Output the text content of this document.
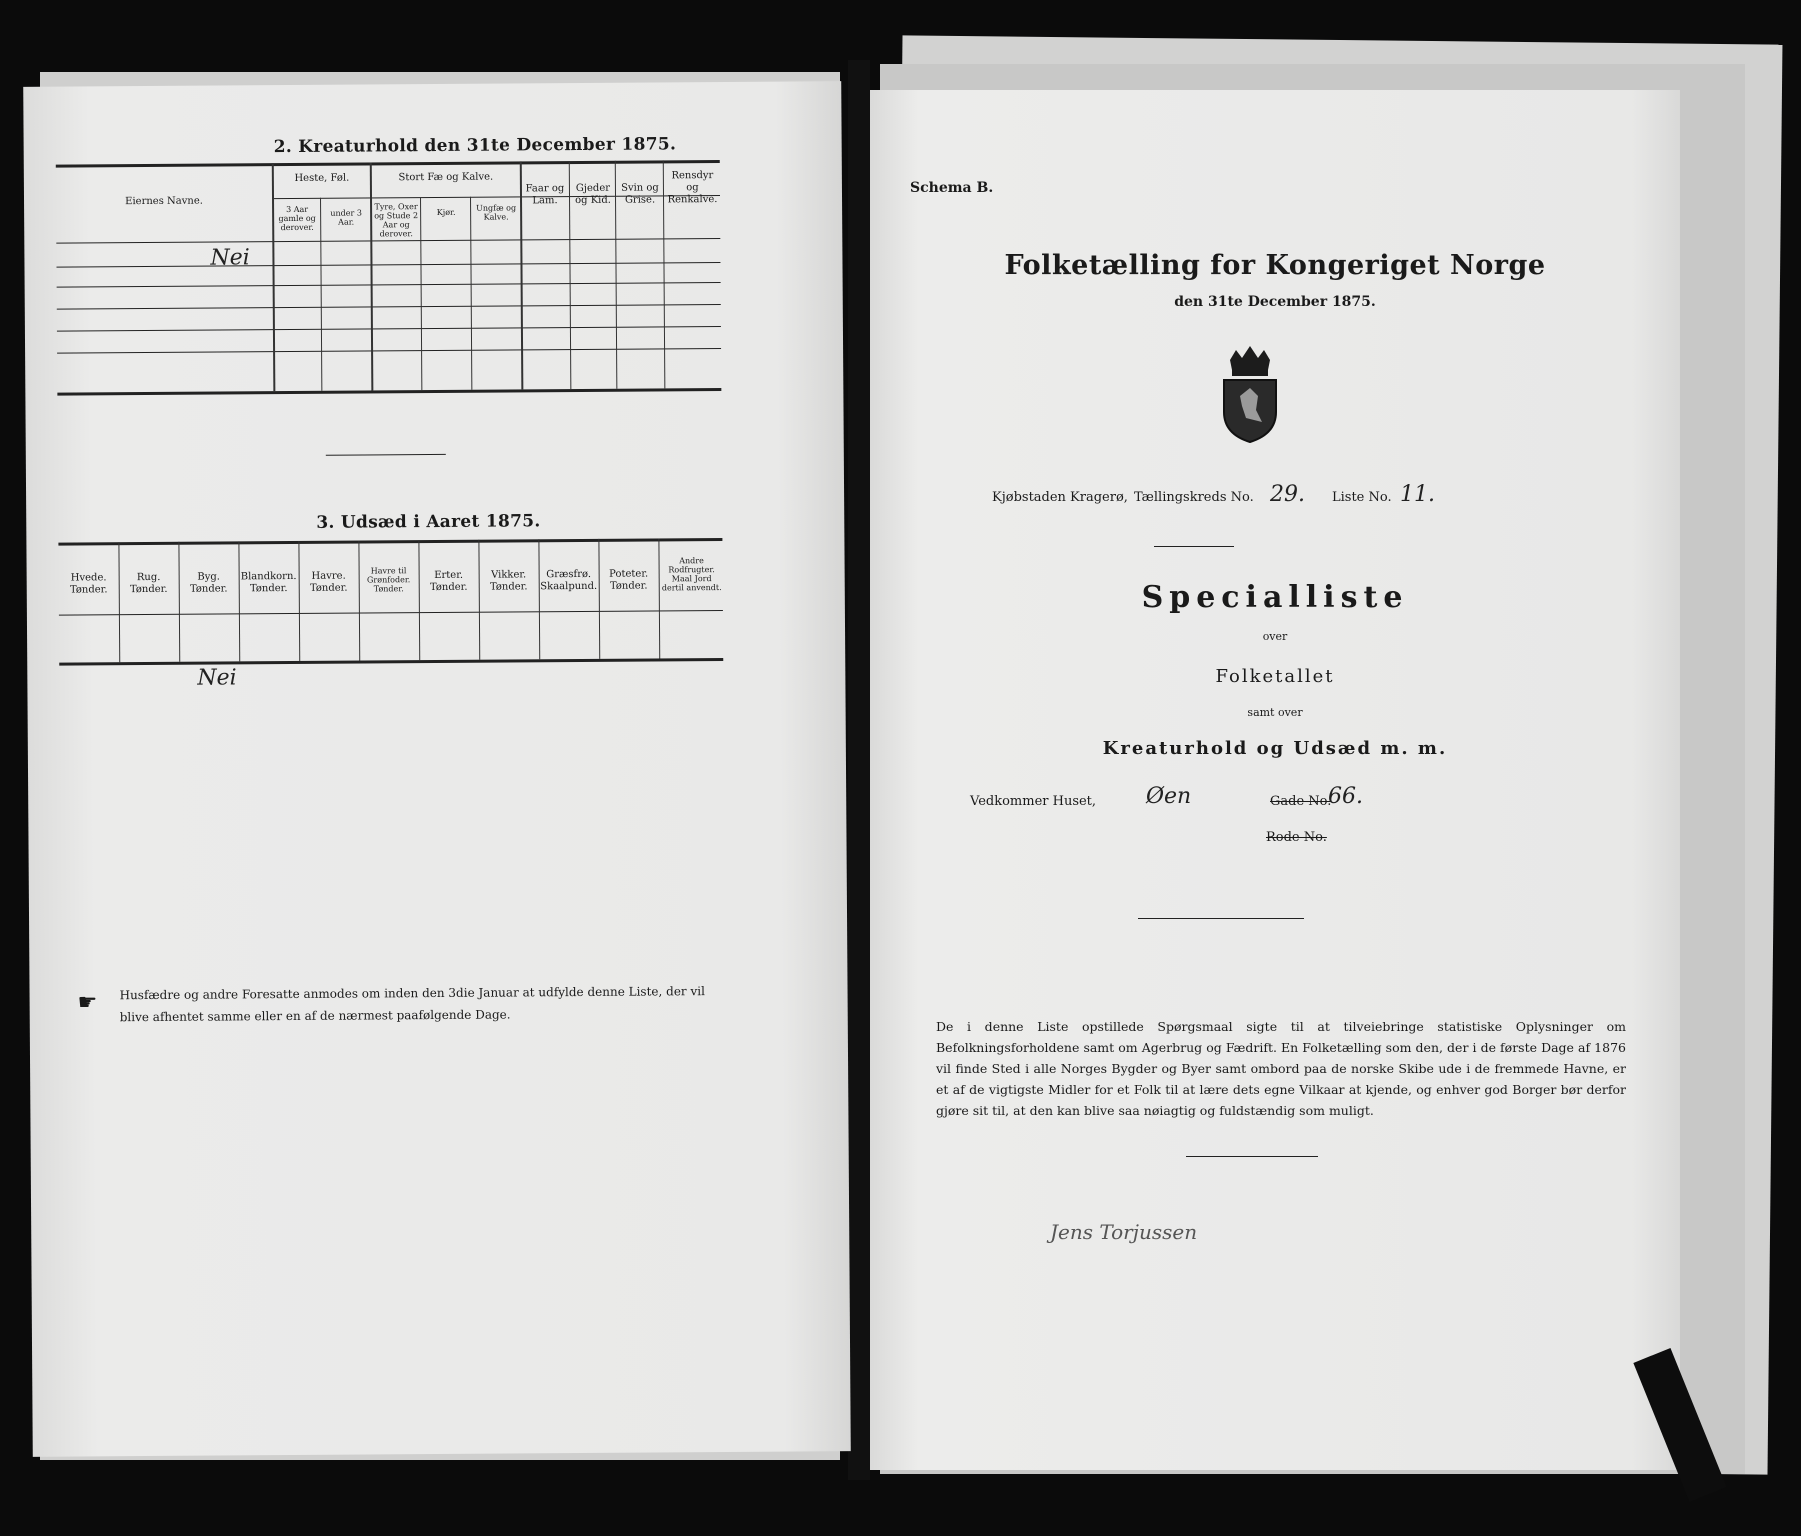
2. Kreaturhold den 31te December 1875.
Eiernes Navne.
Heste, Føl.
3 Aar gamle og derover.
under 3 Aar.
Stort Fæ og Kalve.
Tyre, Oxer og Stude 2 Aar og derover.
Kjør.	Ungfæ og Kalve.
Faar og Lam.
Gjeder og Kid.
Svin og Grise.
Rensdyr og Renkalve.
Nei
3. Udsæd i Aaret 1875.
Hvede.
Tønder.
Rug.
Tønder.
Byg.
Tønder.
Blandkorn.
Tønder.
Havre.
Tønder.
Havre til Grønfoder.
Tønder.
Erter.
Tønder.
Vikker.
Tønder.
Græsfrø.
Skaalpund.
Poteter.
Tønder.
Andre Rodfrugter.
Maal Jord dertil anvendt.
Nei
☛ Husfædre og andre Foresatte anmodes om inden den 3die Januar at udfylde denne Liste, der vil blive afhentet samme eller en af de nærmest paafølgende Dage.
Schema B.
Folketælling for Kongeriget Norge
den 31te December 1875.
Kjøbstaden Kragerø, Tællingskreds No. 29. Liste No. 11.
Specialliste
over
Folketallet
samt over
Kreaturhold og Udsæd m. m.
Vedkommer Huset, Øen	Gade No.
66.
Rode No.
De i denne Liste opstillede Spørgsmaal sigte til at tilveiebringe statistiske Oplysninger om Befolkningsforholdene samt om Agerbrug og Fædrift. En Folketælling som den, der i de første Dage af 1876 vil finde Sted i alle Norges Bygder og Byer samt ombord paa de norske Skibe ude i de fremmede Havne, er et af de vigtigste Midler for et Folk til at lære dets egne Vilkaar at kjende, og enhver god Borger bør derfor gjøre sit til, at den kan blive saa nøiagtig og fuldstændig som muligt.
Jens Torjussen
